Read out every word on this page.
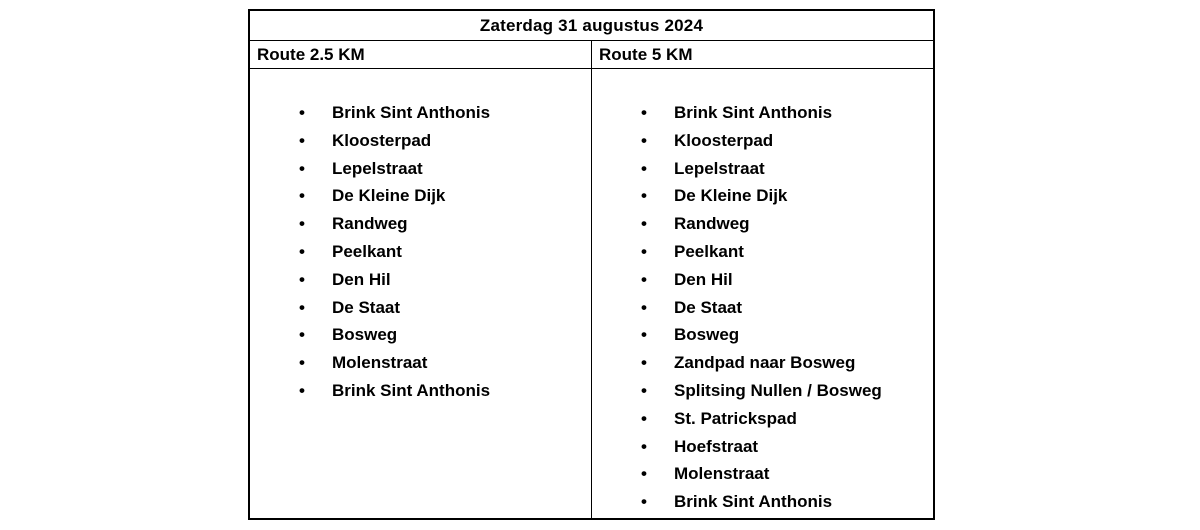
Zaterdag 31 augustus 2024
Route 2.5 KM	Route 5 KM
• Brink Sint Anthonis
• Kloosterpad
• Lepelstraat
• De Kleine Dijk
• Randweg
• Peelkant
• Den Hil
• De Staat
• Bosweg
• Molenstraat
• Brink Sint Anthonis
• Brink Sint Anthonis
• Kloosterpad
• Lepelstraat
• De Kleine Dijk
• Randweg
• Peelkant
• Den Hil
• De Staat
• Bosweg
• Zandpad naar Bosweg
• Splitsing Nullen / Bosweg
• St. Patrickspad
• Hoefstraat
• Molenstraat
• Brink Sint Anthonis
